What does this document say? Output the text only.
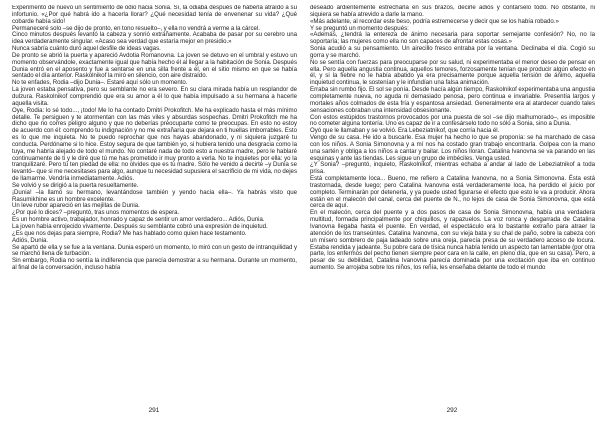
Experimentó de nuevo un sentimiento de odio hacia Sonia. Sí, la odiaba después de haberla atraído a su infortunio. «¿Por qué habrá ido a hacerla llorar? ¿Qué necesidad tenía de envenenar su vida? ¿Qué cobarde había sido!

Permaneceré solo –se dijo de pronto, en tono resuelto–, y ella no vendrá a verme a la cárcel.

Cinco minutos después levantó la cabeza y sonrió extrañamente. Acababa de pasar por su cerebro una idea verdaderamente singular. «Acaso sea verdad que estaría mejor en presidio.»

Nunca sabría cuánto duró aquel desfile de ideas vagas.

De pronto se abrió la puerta y apareció Avdotia Romanovna. La joven se detuvo en el umbral y estuvo un momento observándole, exactamente igual que había hecho él al llegar a la habitación de Sonia. Después Dunia entró en el aposento y fue a sentarse en una silla frente a él, en el sitio mismo en que se había sentado el día anterior. Raskolnikof la miró en silencio, con aire distraído.

No te enfades, Rodia –dijo Dunia–. Estaré aquí sólo un momento.

La joven estaba pensativa, pero su semblante no era severo. En su clara mirada había un resplandor de dulzura. Raskolnikof comprendió que era su amor a él lo que había impulsado a su hermana a hacerle aquella visita.

Oye, Rodia: lo sé todo..., ¡todo! Me lo ha contado Dmitri Prokofitch. Me ha explicado hasta el más mínimo detalle. Te persiguen y te atormentan con las más viles y absurdas sospechas. Dmitri Prokofitch me ha dicho que no corres peligro alguno y que no deberías preocuparte como te preocupas. En esto no estoy de acuerdo con él: comprendo tu indignación y no me extrañaría que dejara en ti huellas imborrables. Esto es lo que me inquieta. No te puedo reprochar que nos hayas abandonado, y ni siquiera juzgaré tu conducta. Perdóname si lo hice. Estoy segura de que también yo, si hubiera tenido una desgracia como la tuya, me habría alejado de todo el mundo. No contaré nada de todo esto a nuestra madre, pero le hablaré continuamente de ti y le diré que tú me has prometido ir muy pronto a verla. No te inquietes por ella: yo la tranquilizaré. Pero tú ten piedad de ella: no olvides que es tu madre. Sólo he venido a decirte –y Dunia se levantó– que si me necesitases para algo, aunque tu necesidad supusiera el sacrificio de mi vida, no dejes de llamarme. Vendría inmediatamente. Adiós.

Se volvió y se dirigió a la puerta resueltamente.

¡Dunia! –la llamó su hermano, levantándose también y yendo hacia ella–. Ya habrás visto que Rasumikhine es un hombre excelente.

Un leve rubor apareció en las mejillas de Dunia.

¿Por qué lo dices? –preguntó, tras unos momentos de espera.

Es un hombre activo, trabajador, honrado y capaz de sentir un amor verdadero... Adiós, Dunia.

La joven había enrojecido vivamente. Después su semblante cobró una expresión de inquietud.

¿Es que nos dejas para siempre, Rodia? Me has hablado como quien hace testamento.

Adiós, Dunia.

Se apartó de ella y se fue a la ventana. Dunia esperó un momento, lo miró con un gesto de intranquilidad y se marchó llena de turbación.

Sin embargo, Rodia no sentía la indiferencia que parecía demostrar a su hermana. Durante un momento, al final de la conversación, incluso había

291

deseado ardientemente estrecharla en sus brazos, decirle adiós y contárselo todo. No obstante, ni siquiera se había atrevido a darle la mano.

«Más adelante, al recordar este beso, podría estremecerse y decir que se los había robado.»

Y se preguntó un momento después:

«Además, ¿tendrá la entereza de ánimo necesaria para soportar semejante confesión? No, no la soportaría; las mujeres como ella no son capaces de afrontar estas cosas.»

Sonia acudió a su pensamiento. Un airecillo fresco entraba por la ventana. Declinaba el día. Cogió su gorra y se marchó.

No se sentía con fuerzas para preocuparse por su salud, ni experimentaba el menor deseo de pensar en ella. Pero aquella angustia continua, aquellos temores, forzosamente tenían que producir algún efecto en él, y si la fiebre no le había abatido ya era precisamente porque aquella tensión de ánimo, aquella inquietud continua, le sostenían y le infundían una falsa animación.

Erraba sin rumbo fijo. El sol se ponía. Desde hacía algún tiempo, Raskolnikof experimentaba una angustia completamente nueva, no aguda ni demasiado penosa, pero continua e invariable. Presentía largos y mortales años colmados de esta fría y espantosa ansiedad. Generalmente era al atardecer cuando tales sensaciones cobraban una intensidad obsesionante.

Con estos estúpidos trastornos provocados por una puesta de sol –se dijo malhumorado–, es imposible no cometer alguna tontería. Uno es capaz de ir a confesárselo todo no sólo a Sonia, sino a Dunia.

Oyó que le llamaban y se volvió. Era Lebeziatnikof, que corría hacia él.

Vengo de su casa. He ido a buscarle. Esa mujer ha hecho lo que se proponía: se ha marchado de casa con los niños. A Sonia Simonovna y a mí nos ha costado gran trabajo encontrarla. Golpea con la mano una sartén y obliga a los niños a cantar y bailar. Los niños lloran. Catalina Ivanovna se va parando en las esquinas y ante las tiendas. Les sigue un grupo de imbéciles. Venga usted.

¿Y Sonia? –preguntó, inquieto, Raskolnikof, mientras echaba a andar al lado de Lebeziatnikof a toda prisa.

Está completamente loca... Bueno, me refiero a Catalina Ivanovna, no a Sonia Simonovna. Ésta está trastornada, desde luego; pero Catalina Ivanovna está verdaderamente loca, ha perdido el juicio por completo. Terminarán por detenerla, y ya puede usted figurarse el efecto que esto le va a producir. Ahora están en el malecón del canal, cerca del puente de N., no lejos de casa de Sonia Simonovna, que está cerca de aquí.

En el malecón, cerca del puente y a dos pasos de casa de Sonia Simonovna, había una verdadera multitud, formada principalmente por chiquillos, y rapazuelos. La voz ronca y desgarrada de Catalina Ivanovna llegaba hasta el puente. En verdad, el espectáculo era lo bastante extraño para atraer la atención de los transeúntes. Catalina Ivanovna, con su vieja bata y su chal de paño, sobre la cabeza con un mísero sombrero de paja ladeado sobre una oreja, parecía presa de su verdadero acceso de locura. Estaba rendida y jadeante. Su pobre cara de tísica nunca había tenido un aspecto tan lamentable (por otra parte, los enfermos del pecho tienen siempre peor cara en la calle, en pleno día, que en su casa). Pero, a pesar de su debilidad, Catalina Ivanovna parecía dominada por una excitación que iba en continuo aumento. Se arrojaba sobre los niños, los reñía, les enseñaba delante de todo el mundo

292
